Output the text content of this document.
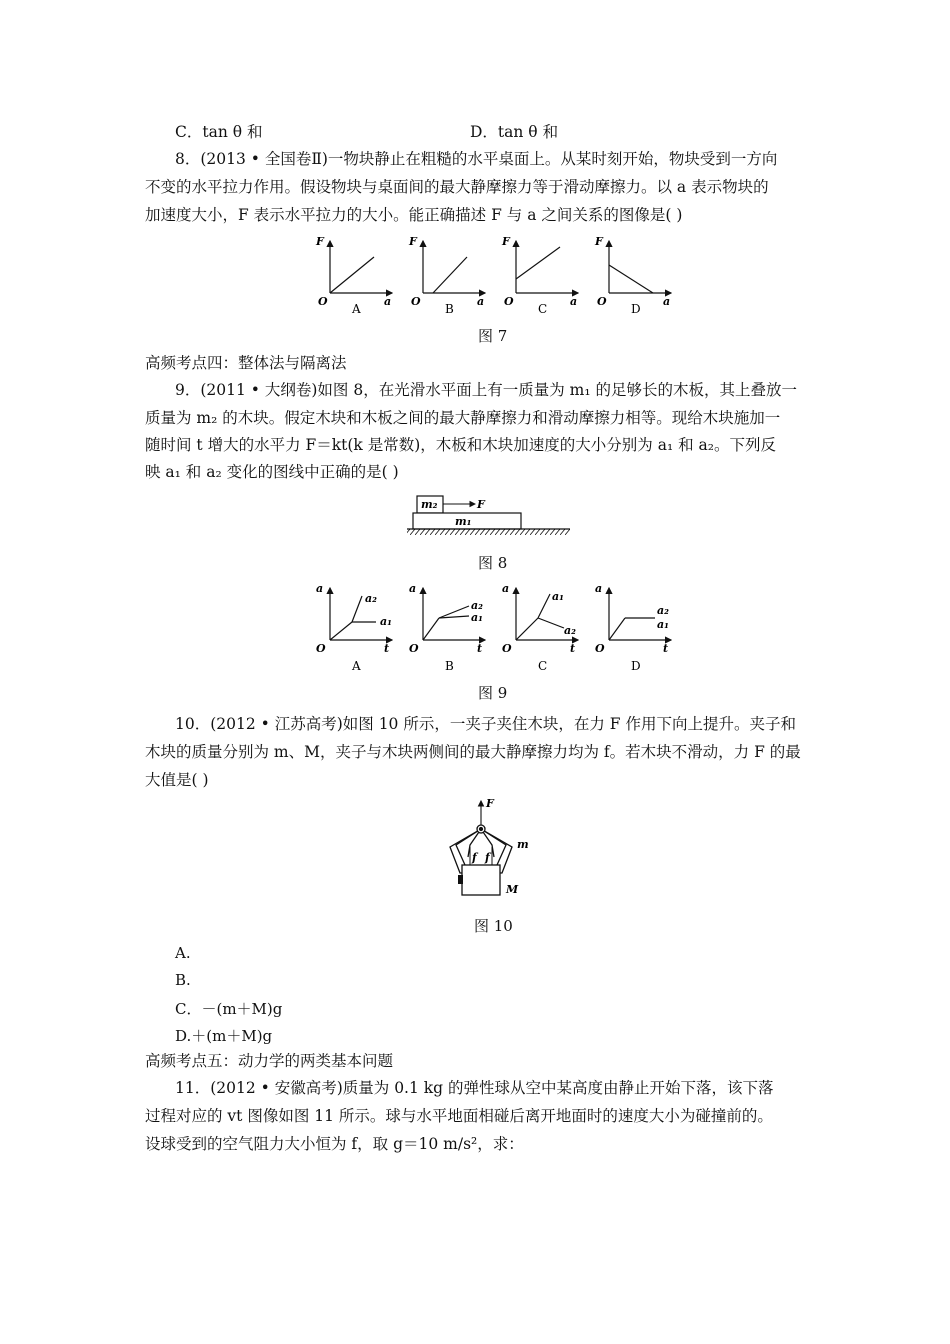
C．tan θ 和	D．tan θ 和
8．(2013 • 全国卷Ⅱ)一物块静止在粗糙的水平桌面上。从某时刻开始，物块受到一方向
不变的水平拉力作用。假设物块与桌面间的最大静摩擦力等于滑动摩擦力。以 a 表示物块的
加速度大小，F 表示水平拉力的大小。能正确描述 F 与 a 之间关系的图像是( )
F
a
O
A
F
a
O
B
F
a
O
C
F
a
O
D
图 7
高频考点四：整体法与隔离法
9．(2011 • 大纲卷)如图 8，在光滑水平面上有一质量为 m₁ 的足够长的木板，其上叠放一
质量为 m₂ 的木块。假定木块和木板之间的最大静摩擦力和滑动摩擦力相等。现给木块施加一
随时间 t 增大的水平力 F＝kt(k 是常数)，木板和木块加速度的大小分别为 a₁ 和 a₂。下列反
映 a₁ 和 a₂ 变化的图线中正确的是( )
m₂	F
m₁
图 8
a
t
O
a₂
a₁
A
a
t
O
a₂
a₁
B
a
t
O
a₁
a₂
C
a
t
O
a₂
a₁
D
图 9
10．(2012 • 江苏高考)如图 10 所示，一夹子夹住木块，在力 F 作用下向上提升。夹子和
木块的质量分别为 m、M，夹子与木块两侧间的最大静摩擦力均为 f。若木块不滑动，力 F 的最
大值是( )
F
m
f f
M
图 10
A.
B.
C．－(m＋M)g
D.＋(m＋M)g
高频考点五：动力学的两类基本问题
11．(2012 • 安徽高考)质量为 0.1 kg 的弹性球从空中某高度由静止开始下落，该下落
过程对应的 vt 图像如图 11 所示。球与水平地面相碰后离开地面时的速度大小为碰撞前的。
设球受到的空气阻力大小恒为 f，取 g＝10 m/s²，求：
